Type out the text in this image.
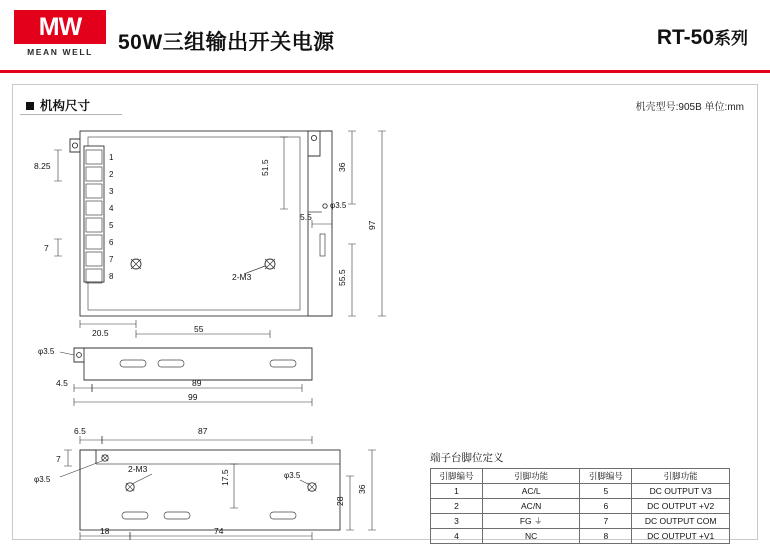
MW
MEAN WELL	50W三组输出开关电源	RT-50系列
机构尺寸	机壳型号:905B 单位:mm
1
2
3
4
5
6
7
8	2-M3
8.25
7
20.5	55
51.5
φ3.5
5.5
36
97
55.5
φ3.5
4.5	89
99
6.5	87
7
φ3.5
2-M3
φ3.5
17.5
18	74
36
28
端子台脚位定义
引脚编号	引脚功能	引脚编号	引脚功能
1	AC/L	5	DC OUTPUT V3
2	AC/N	6	DC OUTPUT +V2
3	FG ⏚	7	DC OUTPUT COM
4	NC	8	DC OUTPUT +V1
